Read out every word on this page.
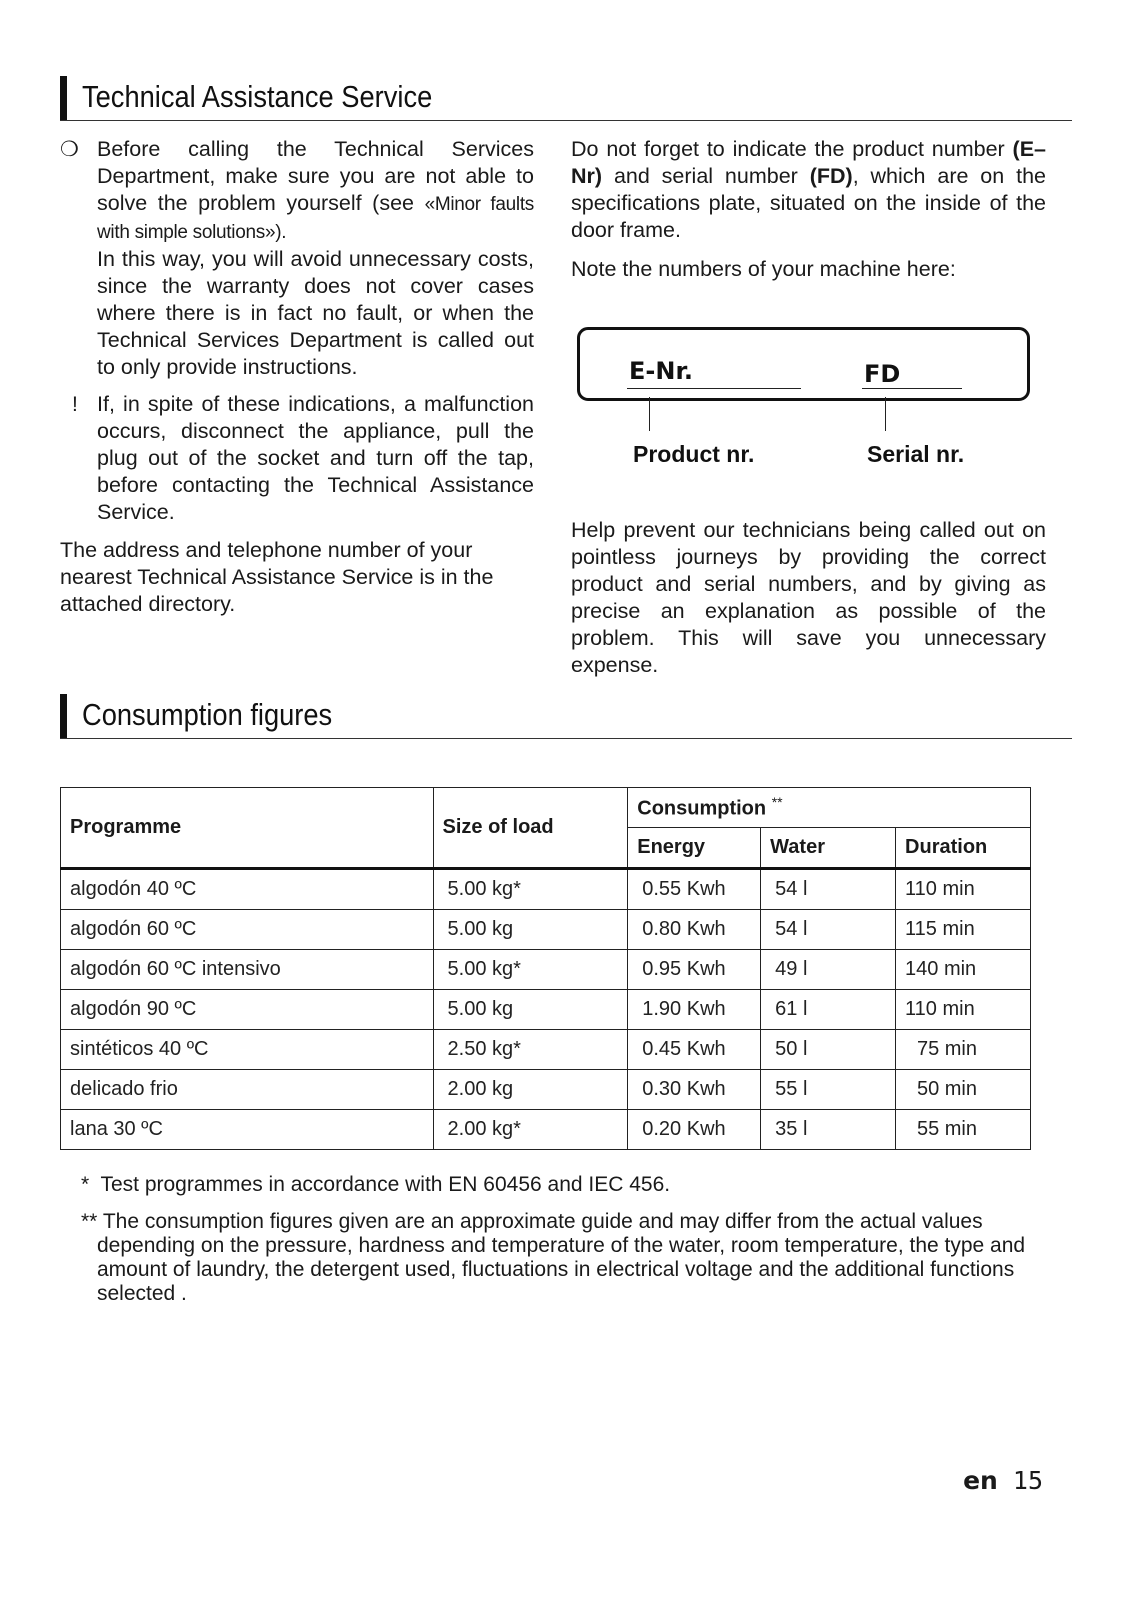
Technical Assistance Service
❍ Before calling the Technical Services Department, make sure you are not able to solve the problem yourself (see «Minor faults with simple solutions»).

In this way, you will avoid unnecessary costs, since the warranty does not cover cases where there is in fact no fault, or when the Technical Services Department is called out to only provide instructions.

! If, in spite of these indications, a malfunction occurs, disconnect the appliance, pull the plug out of the socket and turn off the tap, before contacting the Technical Assistance Service.

The address and telephone number of your nearest Technical Assistance Service is in the attached directory.

Do not forget to indicate the product number (E–Nr) and serial number (FD), which are on the specifications plate, situated on the inside of the door frame.

Note the numbers of your machine here:

E-Nr.	FD
Product nr.	Serial nr.

Help prevent our technicians being called out on pointless journeys by providing the correct product and serial numbers, and by giving as precise an explanation as possible of the problem. This will save you unnecessary expense.

Consumption figures
Programme	Size of load	Consumption **
		Energy	Water	Duration
algodón 40 ºC	5.00 kg*	0.55 Kwh	54 l	110 min
algodón 60 ºC	5.00 kg	0.80 Kwh	54 l	115 min
algodón 60 ºC intensivo	5.00 kg*	0.95 Kwh	49 l	140 min
algodón 90 ºC	5.00 kg	1.90 Kwh	61 l	110 min
sintéticos 40 ºC	2.50 kg*	0.45 Kwh	50 l	75 min
delicado frio	2.00 kg	0.30 Kwh	55 l	50 min
lana 30 ºC	2.00 kg*	0.20 Kwh	35 l	55 min
* Test programmes in accordance with EN 60456 and IEC 456.
** The consumption figures given are an approximate guide and may differ from the actual values depending on the pressure, hardness and temperature of the water, room temperature, the type and amount of laundry, the detergent used, fluctuations in electrical voltage and the additional functions selected .
en 15
